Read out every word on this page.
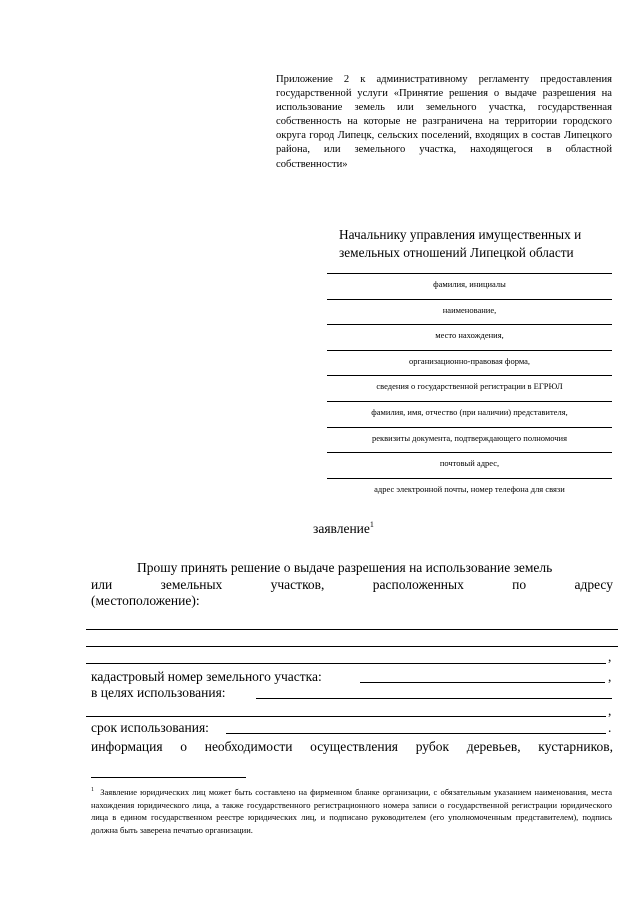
Приложение 2 к административному регламенту предоставления государственной услуги «Принятие решения о выдаче разрешения на использование земель или земельного участка, государственная собственность на которые не разграничена на территории городского округа город Липецк, сельских поселений, входящих в состав Липецкого района, или земельного участка, находящегося в областной собственности»

Начальнику управления имущественных и земельных отношений Липецкой области

фамилия, инициалы
наименование,
место нахождения,
организационно-правовая форма,
сведения о государственной регистрации в ЕГРЮЛ
фамилия, имя, отчество (при наличии) представителя,
реквизиты документа, подтверждающего полномочия
почтовый адрес,
адрес электронной почты, номер телефона для связи

заявление$^1$

Прошу принять решение о выдаче разрешения на использование земель

или земельных участков, расположенных по адресу

(местоположение):

,
кадастровый номер земельного участка:	,
в целях использования:
,
срок использования:	.

информация о необходимости осуществления рубок деревьев, кустарников,

$^1$ Заявление юридических лиц может быть составлено на фирменном бланке организации, с обязательным указанием наименования, места нахождения юридического лица, а также государственного регистрационного номера записи о государственной регистрации юридического лица в едином государственном реестре юридических лиц, и подписано руководителем (его уполномоченным представителем), подпись должна быть заверена печатью организации.
